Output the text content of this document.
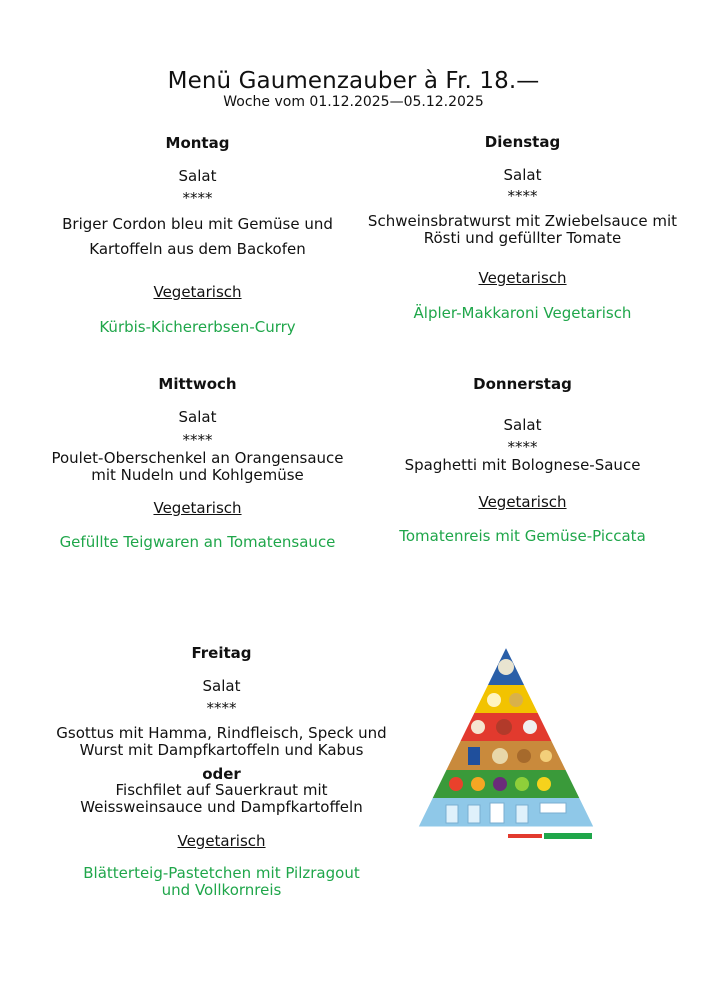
Menü Gaumenzauber à Fr. 18.—
Woche vom 01.12.2025—05.12.2025
Montag
Salat
****
Briger Cordon bleu mit Gemüse und
Kartoffeln aus dem Backofen
Vegetarisch
Kürbis-Kichererbsen-Curry
Dienstag
Salat
****
Schweinsbratwurst mit Zwiebelsauce mit
Rösti und gefüllter Tomate
Vegetarisch
Älpler-Makkaroni Vegetarisch
Mittwoch
Salat
****
Poulet-Oberschenkel an Orangensauce
mit Nudeln und Kohlgemüse
Vegetarisch
Gefüllte Teigwaren an Tomatensauce
Donnerstag
Salat
****
Spaghetti mit Bolognese-Sauce
Vegetarisch
Tomatenreis mit Gemüse-Piccata
Freitag
Salat
****
Gsottus mit Hamma, Rindfleisch, Speck und
Wurst mit Dampfkartoffeln und Kabus
oder
Fischfilet auf Sauerkraut mit
Weissweinsauce und Dampfkartoffeln
Vegetarisch
Blätterteig-Pastetchen mit Pilzragout
und Vollkornreis
